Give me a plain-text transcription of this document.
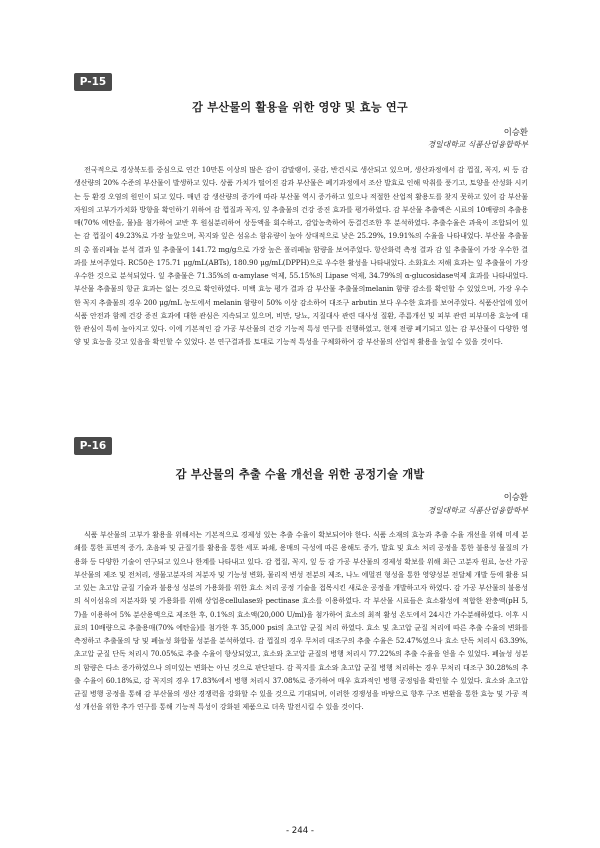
P-15
감 부산물의 활용을 위한 영양 및 효능 연구
이승환
경일대학교 식품산업융합학부

전국적으로 경상북도를 중심으로 연간 10만톤 이상의 많은 감이 감말랭이, 곶감, 반건시로 생산되고 있으며, 생산과정에서 감 껍질, 꼭지, 씨 등 감 생산량의 20% 수준의 부산물이 발생하고 있다. 상품 가치가 떨어진 감과 부산물은 폐기과정에서 조산 발효로 인해 악취를 풍기고, 토양을 산성화 시키는 등 환경 오염의 원인이 되고 있다. 매년 감 생산량의 증가에 따라 부산물 역시 증가하고 있으나 적절한 산업적 활용도를 찾지 못하고 있어 감 부산물 자원의 고부가가치화 방향을 확인하기 위하여 감 껍질과 꼭지, 잎 추출물의 건강 증진 효과를 평가하였다. 감 부산물 추출액은 시료의 10배량의 추출용매(70% 에탄올, 물)을 첨가하여 교반 후 원심분리하여 상등액을 회수하고, 감압농축하여 동결건조한 후 분석하였다. 추출수율은 과육이 조합되어 있는 감 껍질이 49.23%로 가장 높았으며, 꼭지와 잎은 섬유소 함유량이 높아 상대적으로 낮은 25.29%, 19.91%의 수율을 나타내었다. 부산물 추출물의 총 폴리페놀 분석 결과 잎 추출물이 141.72 mg/g으로 가장 높은 폴리페놀 함량을 보여주었다. 항산화력 측정 결과 감 잎 추출물이 가장 우수한 결과를 보여주었다. RC50은 175.71 μg/mL(ABTs), 180.90 μg/mL(DPPH)으로 우수한 활성을 나타내었다. 소화효소 저해 효과는 잎 추출물이 가장 우수한 것으로 분석되었다. 잎 추출물은 71.35%의 α-amylase 억제, 55.15%의 Lipase 억제, 34.79%의 α-glucosidase억제 효과를 나타내었다. 부산물 추출물의 항균 효과는 없는 것으로 확인하였다. 미백 효능 평가 결과 감 부산물 추출물의melanin 함량 감소를 확인할 수 있었으며, 가장 우수한 꼭지 추출물의 경우 200 μg/mL 농도에서 melanin 함량이 50% 이상 감소하여 대조구 arbutin 보다 우수한 효과를 보여주었다. 식품산업에 있어 식품 안전과 함께 건강 증진 효과에 대한 관심은 지속되고 있으며, 비만, 당뇨, 지질대사 관련 대사성 질환, 주름개선 및 피부 관련 피부미용 효능에 대한 관심이 특히 높아지고 있다. 이에 기본적인 감 가공 부산물의 건강 기능적 특성 연구를 진행하였고, 현재 전량 폐기되고 있는 감 부산물이 다양한 영양 및 효능을 갖고 있음을 확인할 수 있었다. 본 연구결과를 토대로 기능적 특성을 구체화하여 감 부산물의 산업적 활용을 높일 수 있을 것이다.

P-16
감 부산물의 추출 수율 개선을 위한 공정기술 개발
이승환
경일대학교 식품산업융합학부

식품 부산물의 고부가 활용을 위해서는 기본적으로 경제성 있는 추출 수율이 확보되어야 한다. 식품 소재의 효능과 추출 수율 개선을 위해 미세 분쇄를 통한 표면적 증가, 초음파 및 균질기를 활용을 통한 세포 파쇄, 용매의 극성에 따른 용해도 증가, 발효 및 효소 처리 공정을 통한 불용성 물질의 가용화 등 다양한 기술이 연구되고 있으나 한계를 나타내고 있다. 감 껍질, 꼭지, 잎 등 감 가공 부산물의 경제성 확보를 위해 최근 고분자 원료, 농산 가공 부산물의 제조 및 전처리, 생물고분자의 저분자 및 기능성 변화, 물리적 변성 전분의 제조, 나노 에멀젼 형성을 통한 영양성분 전달체 개발 등에 활용 되고 있는 초고압 균질 기술과 불용성 성분의 가용화를 위한 효소 처리 공정 기술을 접목시킨 새로운 공정을 개발하고자 하였다. 감 가공 부산물의 불용성의 식이섬유의 저분자화 및 가용화를 위해 상업용cellulase와 pectinase 효소를 이용하였다. 각 부산물 시료들은 효소활성에 적합한 완충액(pH 5, 7)을 이용하여 5% 분산용액으로 제조한 후, 0.1%의 효소액(20,000 U/ml)을 첨가하여 효소의 최적 활성 온도에서 24시간 가수분해하였다. 이후 시료의 10배량으로 추출용매(70% 에탄올)를 첨가한 후 35,000 psi의 초고압 균질 처리 하였다. 효소 및 초고압 균질 처리에 따른 추출 수율의 변화를 측정하고 추출물의 당 및 폐놀성 화합물 성분을 분석하였다. 감 껍질의 경우 무처리 대조구의 추출 수율은 52.47%였으나 효소 단독 처리시 63.39%, 초고압 균질 단독 처리시 70.05%로 추출 수율이 향상되었고, 효소와 초고압 균질의 병행 처리시 77.22%의 추출 수율을 얻을 수 있었다. 폐놀성 성분의 함량은 다소 증가하였으나 의미있는 변화는 아닌 것으로 판단된다. 감 꼭지를 효소와 초고압 균질 병행 처리하는 경우 무처리 대조구 30.28%의 추출 수율이 60.18%로, 감 꼭지의 경우 17.83%에서 병행 처리시 37.08%로 증가하여 매우 효과적인 병행 공정임을 확인할 수 있었다. 효소와 초고압 균질 병행 공정을 통해 감 부산물의 생산 경쟁력을 강화할 수 있을 것으로 기대되며, 이러한 경쟁성을 바탕으로 향후 구조 변환을 통한 효능 및 가공 적성 개선을 위한 추가 연구를 통해 기능적 특성이 강화된 제품으로 더욱 발전시킬 수 있을 것이다.

- 244 -
